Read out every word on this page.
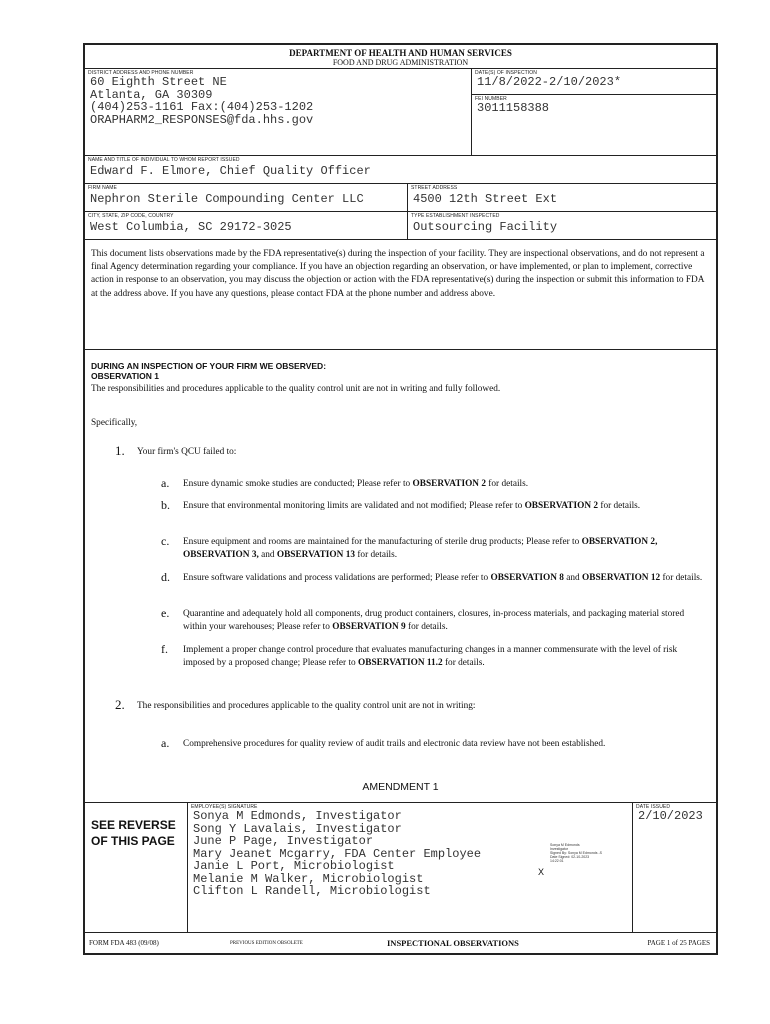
DEPARTMENT OF HEALTH AND HUMAN SERVICES
FOOD AND DRUG ADMINISTRATION
DISTRICT ADDRESS AND PHONE NUMBER
60 Eighth Street NE
Atlanta, GA 30309
(404)253-1161 Fax:(404)253-1202
ORAPHARM2_RESPONSES@fda.hhs.gov
DATE(S) OF INSPECTION
11/8/2022-2/10/2023*
FEI NUMBER
3011158388
NAME AND TITLE OF INDIVIDUAL TO WHOM REPORT ISSUED
Edward F. Elmore, Chief Quality Officer
FIRM NAME
Nephron Sterile Compounding Center LLC
STREET ADDRESS
4500 12th Street Ext
CITY, STATE, ZIP CODE, COUNTRY
West Columbia, SC 29172-3025
TYPE ESTABLISHMENT INSPECTED
Outsourcing Facility
This document lists observations made by the FDA representative(s) during the inspection of your facility. They are inspectional observations, and do not represent a final Agency determination regarding your compliance. If you have an objection regarding an observation, or have implemented, or plan to implement, corrective action in response to an observation, you may discuss the objection or action with the FDA representative(s) during the inspection or submit this information to FDA at the address above. If you have any questions, please contact FDA at the phone number and address above.
DURING AN INSPECTION OF YOUR FIRM WE OBSERVED:
OBSERVATION 1
The responsibilities and procedures applicable to the quality control unit are not in writing and fully followed.
Specifically,
1. Your firm's QCU failed to:
a. Ensure dynamic smoke studies are conducted; Please refer to OBSERVATION 2 for details.
b. Ensure that environmental monitoring limits are validated and not modified; Please refer to OBSERVATION 2 for details.
c. Ensure equipment and rooms are maintained for the manufacturing of sterile drug products; Please refer to OBSERVATION 2, OBSERVATION 3, and OBSERVATION 13 for details.
d. Ensure software validations and process validations are performed; Please refer to OBSERVATION 8 and OBSERVATION 12 for details.
e. Quarantine and adequately hold all components, drug product containers, closures, in-process materials, and packaging material stored within your warehouses; Please refer to OBSERVATION 9 for details.
f. Implement a proper change control procedure that evaluates manufacturing changes in a manner commensurate with the level of risk imposed by a proposed change; Please refer to OBSERVATION 11.2 for details.
2. The responsibilities and procedures applicable to the quality control unit are not in writing:
a. Comprehensive procedures for quality review of audit trails and electronic data review have not been established.
AMENDMENT 1
SEE REVERSE
OF THIS PAGE
EMPLOYEE(S) SIGNATURE
Sonya M Edmonds, Investigator
Song Y Lavalais, Investigator
June P Page, Investigator
Mary Jeanet Mcgarry, FDA Center Employee
Janie L Port, Microbiologist
Melanie M Walker, Microbiologist
Clifton L Randell, Microbiologist
X
Sonya M Edmonds
Investigator
Signed By: Sonya M Edmonds -S
Date Signed: 02-10-2023
14:22:01
DATE ISSUED
2/10/2023
FORM FDA 483 (09/08)	PREVIOUS EDITION OBSOLETE	INSPECTIONAL OBSERVATIONS	PAGE 1 of 25 PAGES
